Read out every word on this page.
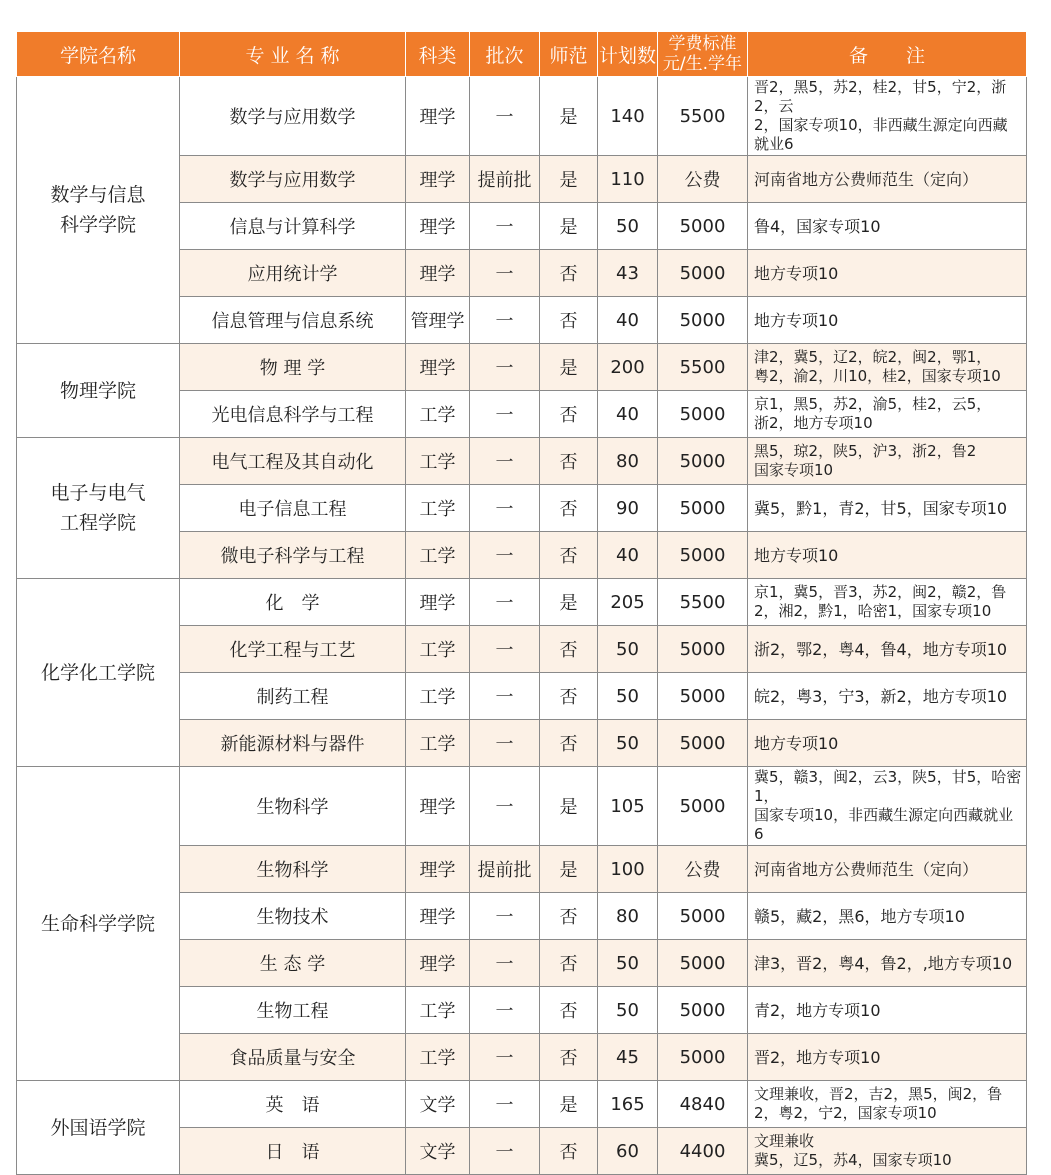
学院名称	专 业 名 称	科类	批次	师范	计划数	学费标准
元/生.学年	备　　注
数学与信息
科学学院	数学与应用数学	理学	一	是	140	5500	晋2，黑5，苏2，桂2，甘5，宁2，浙2，云
2，国家专项10，非西藏生源定向西藏就业6
	数学与应用数学	理学	提前批	是	110	公费	河南省地方公费师范生（定向）
	信息与计算科学	理学	一	是	50	5000	鲁4，国家专项10
	应用统计学	理学	一	否	43	5000	地方专项10
	信息管理与信息系统	管理学	一	否	40	5000	地方专项10
物理学院	物 理 学	理学	一	是	200	5500	津2，冀5，辽2，皖2，闽2，鄂1，
粤2，渝2，川10，桂2，国家专项10
	光电信息科学与工程	工学	一	否	40	5000	京1，黑5，苏2，渝5，桂2，云5，
浙2，地方专项10
电子与电气
工程学院	电气工程及其自动化	工学	一	否	80	5000	黑5，琼2，陕5，沪3，浙2，鲁2
国家专项10
	电子信息工程	工学	一	否	90	5000	冀5，黔1，青2，甘5，国家专项10
	微电子科学与工程	工学	一	否	40	5000	地方专项10
化学化工学院	化　学	理学	一	是	205	5500	京1，冀5，晋3，苏2，闽2，赣2，鲁
2，湘2，黔1，哈密1，国家专项10
	化学工程与工艺	工学	一	否	50	5000	浙2，鄂2，粤4，鲁4，地方专项10
	制药工程	工学	一	否	50	5000	皖2，粤3，宁3，新2，地方专项10
	新能源材料与器件	工学	一	否	50	5000	地方专项10
生命科学学院	生物科学	理学	一	是	105	5000	冀5，赣3，闽2，云3，陕5，甘5，哈密1，
国家专项10，非西藏生源定向西藏就业6
	生物科学	理学	提前批	是	100	公费	河南省地方公费师范生（定向）
	生物技术	理学	一	否	80	5000	赣5，藏2，黑6，地方专项10
	生 态 学	理学	一	否	50	5000	津3，晋2，粤4，鲁2，,地方专项10
	生物工程	工学	一	否	50	5000	青2，地方专项10
	食品质量与安全	工学	一	否	45	5000	晋2，地方专项10
外国语学院	英　语	文学	一	是	165	4840	文理兼收，晋2，吉2，黑5，闽2，鲁
2，粤2，宁2，国家专项10
	日　语	文学	一	否	60	4400	文理兼收
冀5，辽5，苏4，国家专项10
